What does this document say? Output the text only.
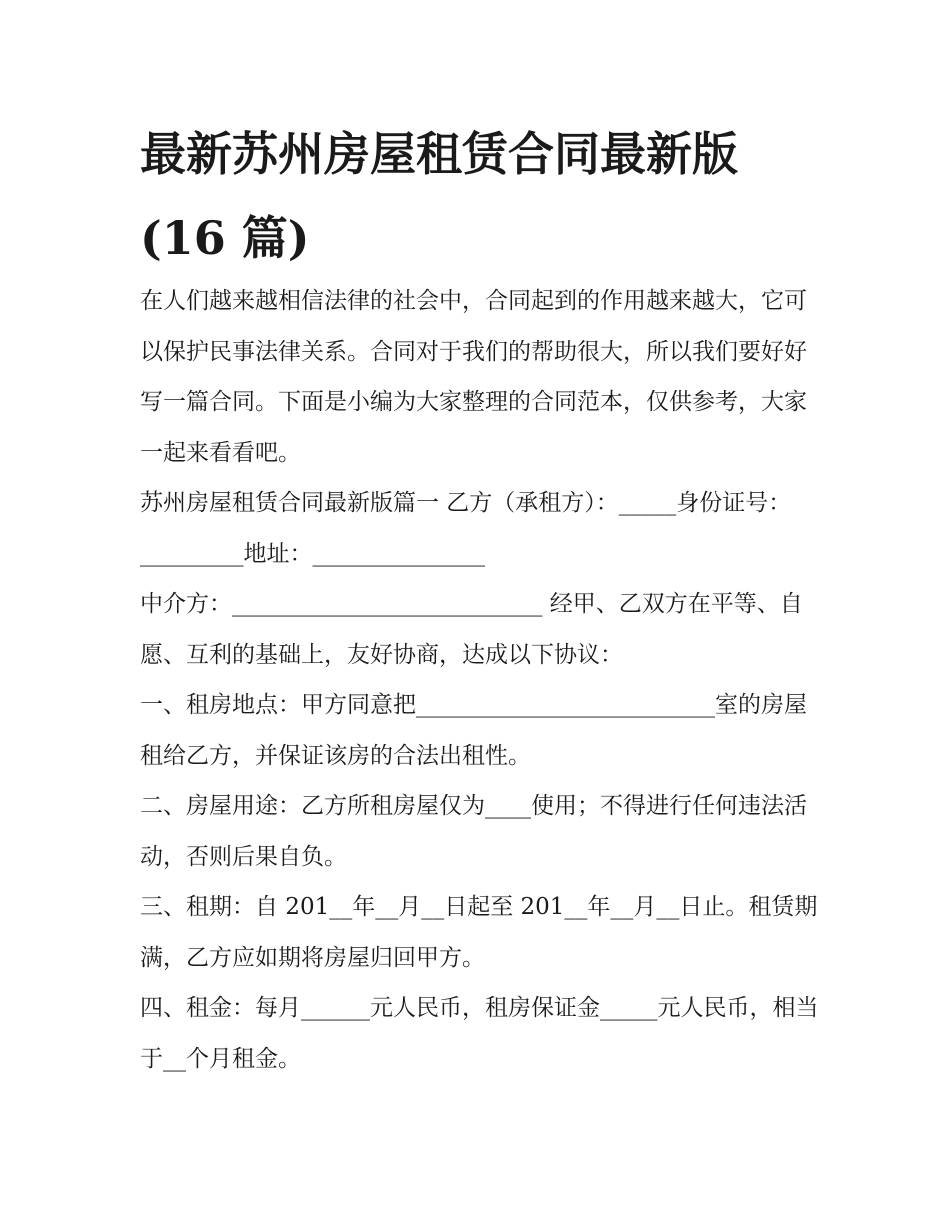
最新苏州房屋租赁合同最新版
(16 篇)

在人们越来越相信法律的社会中，合同起到的作用越来越大，它可以保护民事法律关系。合同对于我们的帮助很大，所以我们要好好写一篇合同。下面是小编为大家整理的合同范本，仅供参考，大家一起来看看吧。

苏州房屋租赁合同最新版篇一 乙方（承租方）：_____身份证号：_________地址：_______________

中介方：___________________________ 经甲、乙双方在平等、自愿、互利的基础上，友好协商，达成以下协议：

一、租房地点：甲方同意把__________________________室的房屋租给乙方，并保证该房的合法出租性。

二、房屋用途：乙方所租房屋仅为____使用；不得进行任何违法活动，否则后果自负。

三、租期：自 201__年__月__日起至 201__年__月__日止。租赁期满，乙方应如期将房屋归回甲方。

四、租金：每月______元人民币，租房保证金_____元人民币，相当于__个月租金。
